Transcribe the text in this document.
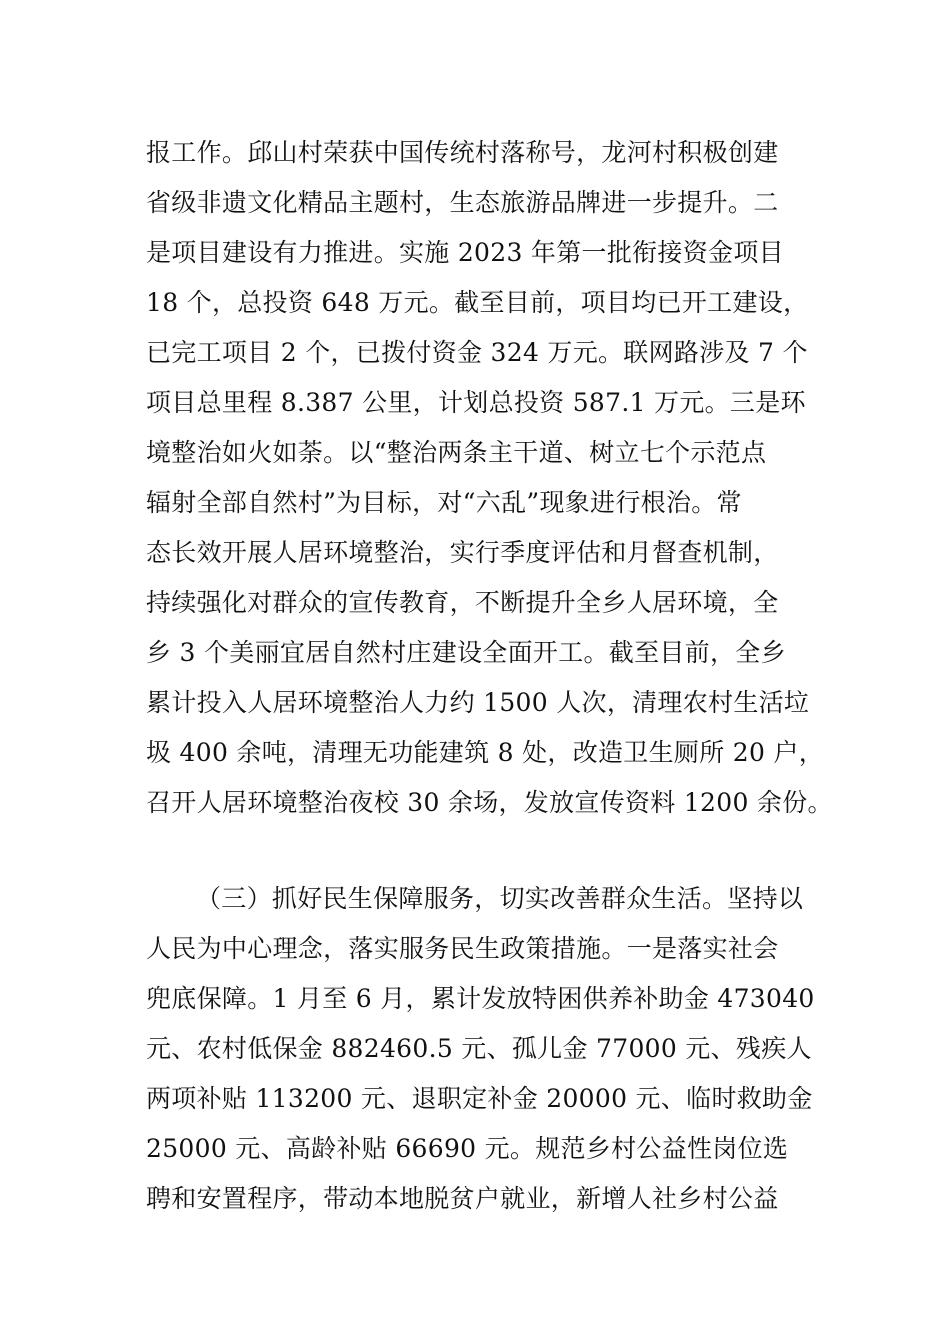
报工作。邱山村荣获中国传统村落称号，龙河村积极创建
省级非遗文化精品主题村，生态旅游品牌进一步提升。二
是项目建设有力推进。实施 2023 年第一批衔接资金项目
18 个，总投资 648 万元。截至目前，项目均已开工建设，
已完工项目 2 个，已拨付资金 324 万元。联网路涉及 7 个
项目总里程 8.387 公里，计划总投资 587.1 万元。三是环
境整治如火如荼。以“整治两条主干道、树立七个示范点
辐射全部自然村”为目标，对“六乱”现象进行根治。常
态长效开展人居环境整治，实行季度评估和月督查机制，
持续强化对群众的宣传教育，不断提升全乡人居环境，全
乡 3 个美丽宜居自然村庄建设全面开工。截至目前，全乡
累计投入人居环境整治人力约 1500 人次，清理农村生活垃
圾 400 余吨，清理无功能建筑 8 处，改造卫生厕所 20 户，
召开人居环境整治夜校 30 余场，发放宣传资料 1200 余份。
（三）抓好民生保障服务，切实改善群众生活。坚持以
人民为中心理念，落实服务民生政策措施。一是落实社会
兜底保障。1 月至 6 月，累计发放特困供养补助金 473040
元、农村低保金 882460.5 元、孤儿金 77000 元、残疾人
两项补贴 113200 元、退职定补金 20000 元、临时救助金
25000 元、高龄补贴 66690 元。规范乡村公益性岗位选
聘和安置程序，带动本地脱贫户就业，新增人社乡村公益
